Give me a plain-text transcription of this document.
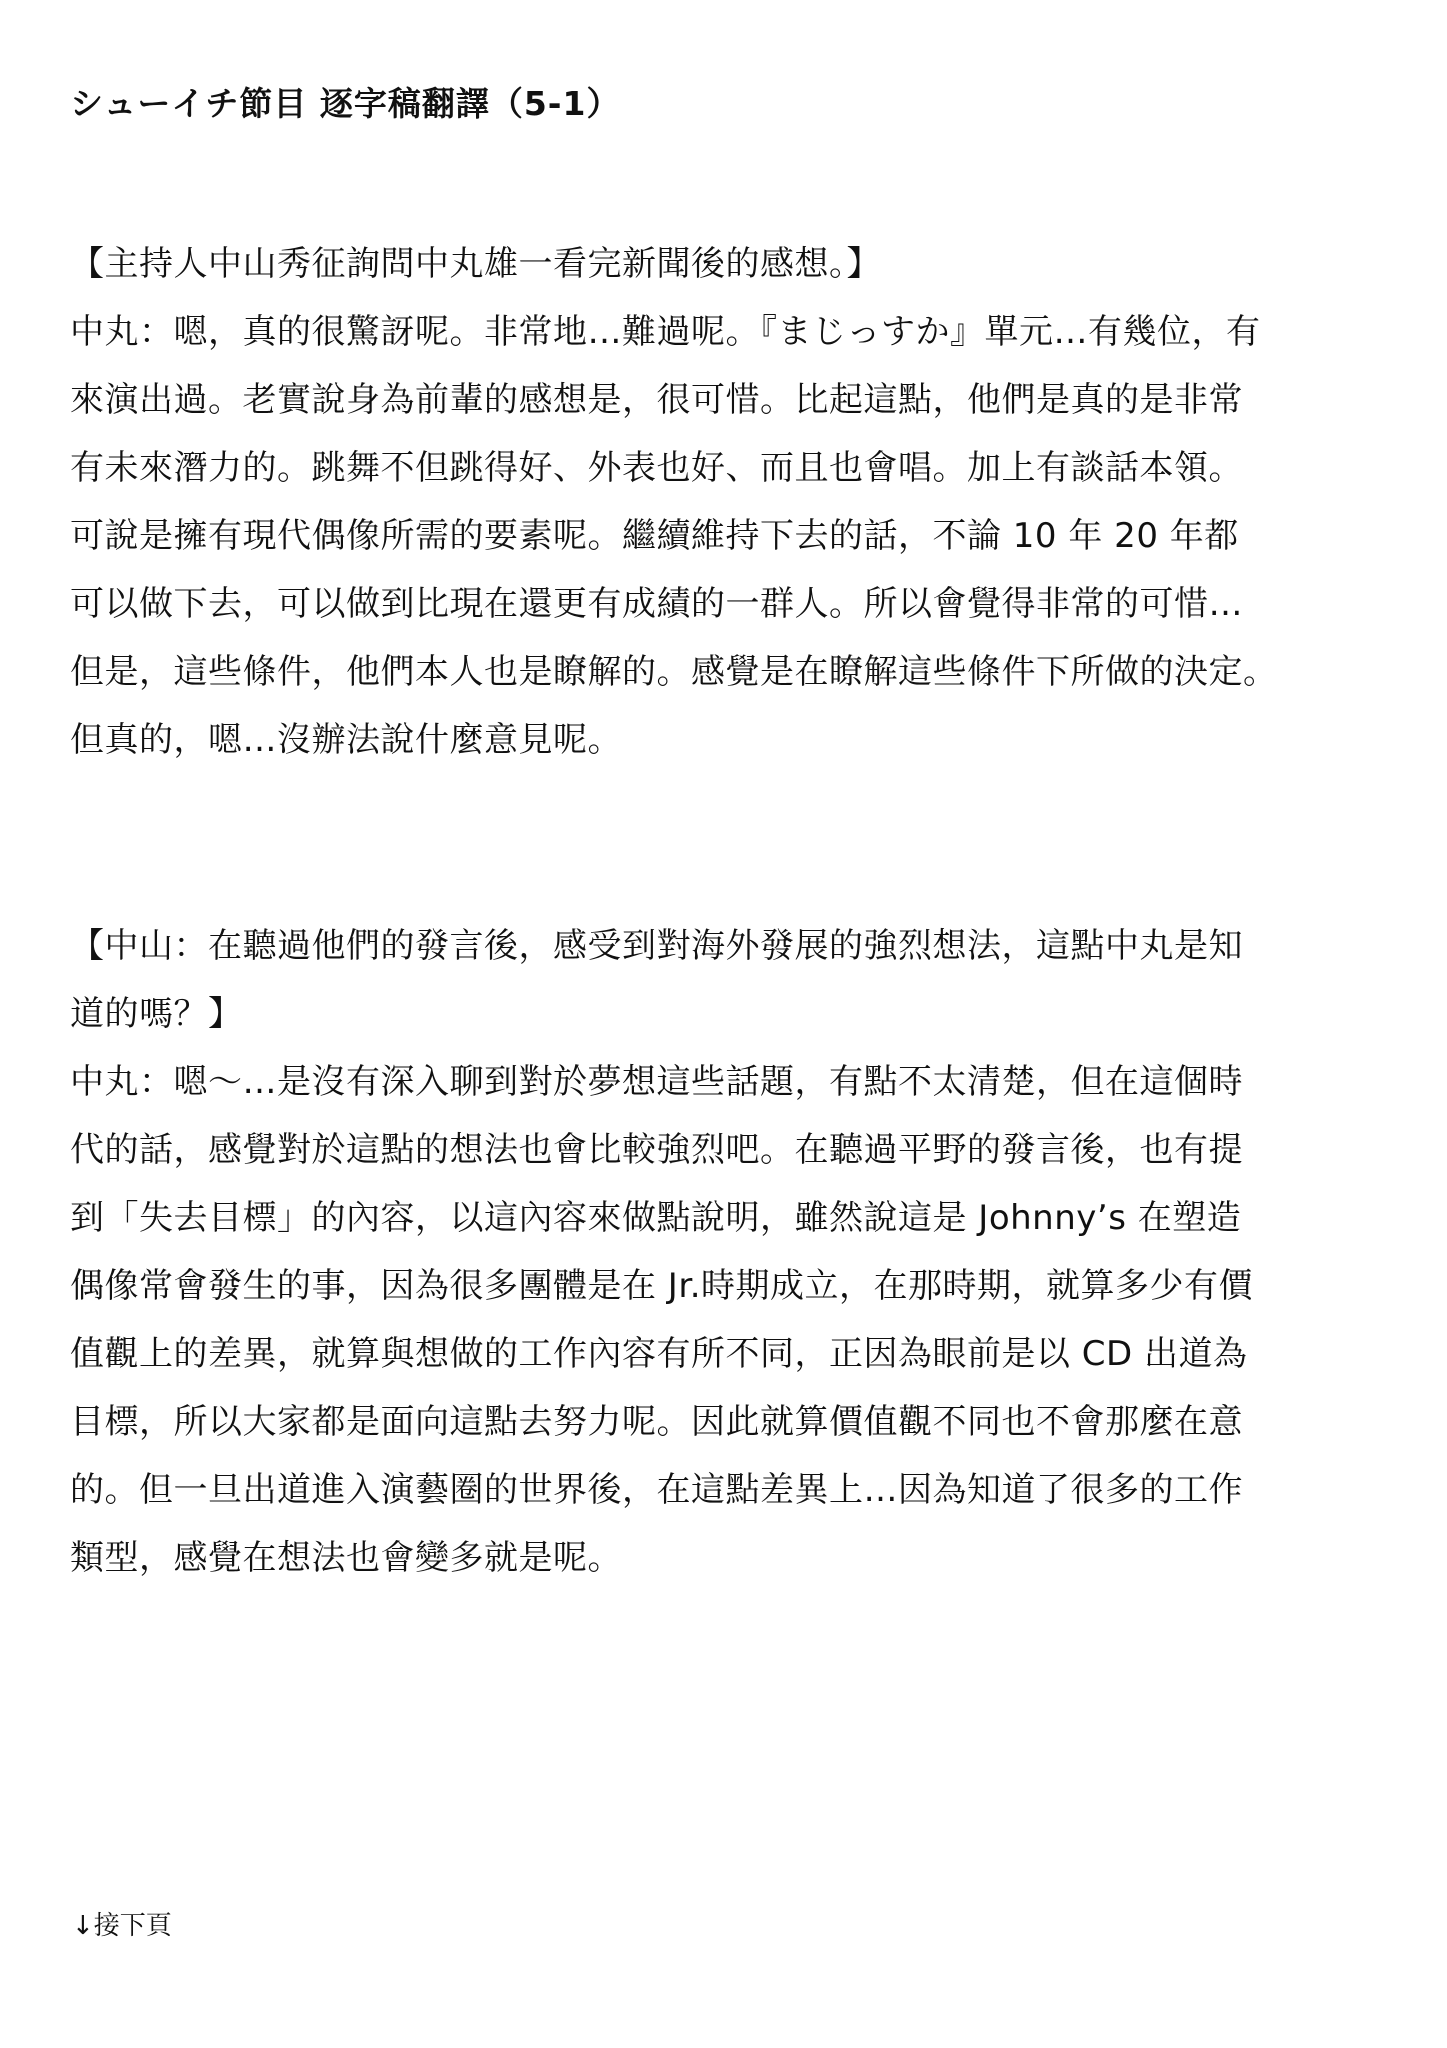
シューイチ節目 逐字稿翻譯（5-1）
【主持人中山秀征詢問中丸雄一看完新聞後的感想。】
中丸：嗯，真的很驚訝呢。非常地…難過呢。『まじっすか』單元…有幾位，有
來演出過。老實說身為前輩的感想是，很可惜。比起這點，他們是真的是非常
有未來潛力的。跳舞不但跳得好、外表也好、而且也會唱。加上有談話本領。
可說是擁有現代偶像所需的要素呢。繼續維持下去的話，不論 10 年 20 年都
可以做下去，可以做到比現在還更有成績的一群人。所以會覺得非常的可惜…
但是，這些條件，他們本人也是瞭解的。感覺是在瞭解這些條件下所做的決定。
但真的，嗯…沒辦法說什麼意見呢。
【中山：在聽過他們的發言後，感受到對海外發展的強烈想法，這點中丸是知
道的嗎？】
中丸：嗯～…是沒有深入聊到對於夢想這些話題，有點不太清楚，但在這個時
代的話，感覺對於這點的想法也會比較強烈吧。在聽過平野的發言後，也有提
到「失去目標」的內容，以這內容來做點說明，雖然說這是 Johnny’s 在塑造
偶像常會發生的事，因為很多團體是在 Jr.時期成立，在那時期，就算多少有價
值觀上的差異，就算與想做的工作內容有所不同，正因為眼前是以 CD 出道為
目標，所以大家都是面向這點去努力呢。因此就算價值觀不同也不會那麼在意
的。但一旦出道進入演藝圈的世界後，在這點差異上…因為知道了很多的工作
類型，感覺在想法也會變多就是呢。
↓接下頁
